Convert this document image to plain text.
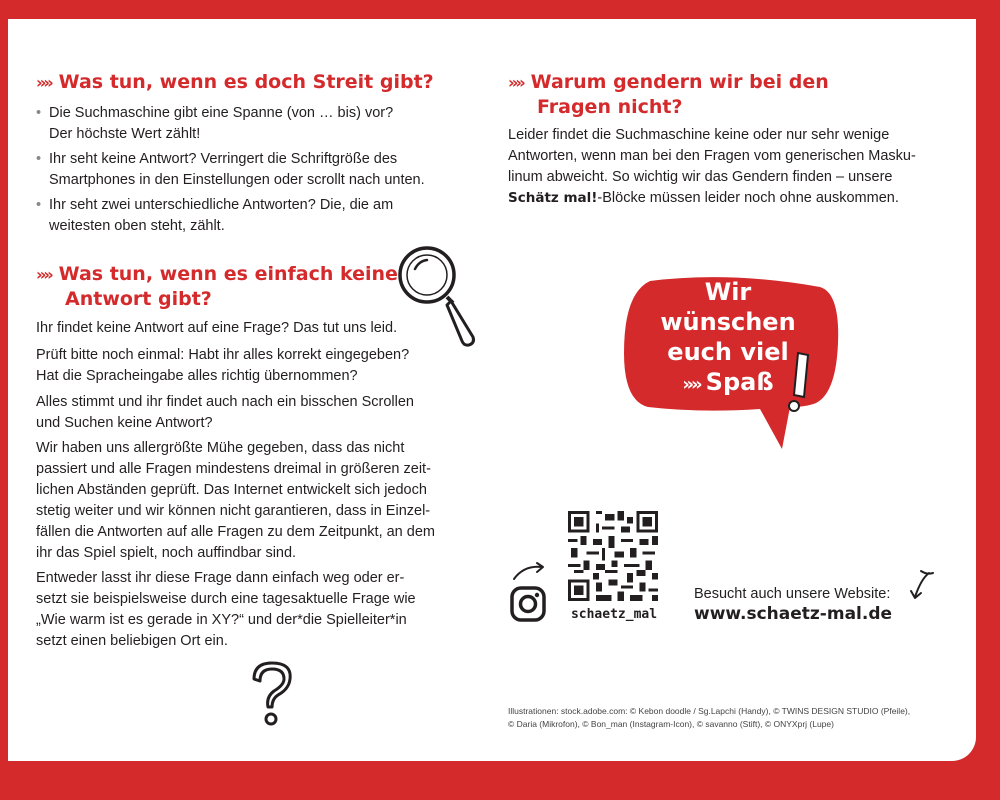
»» Was tun, wenn es doch Streit gibt?
• Die Suchmaschine gibt eine Spanne (von … bis) vor?
Der höchste Wert zählt!
• Ihr seht keine Antwort? Verringert die Schriftgröße des
Smartphones in den Einstellungen oder scrollt nach unten.
• Ihr seht zwei unterschiedliche Antworten? Die, die am
weitesten oben steht, zählt.
»» Was tun, wenn es einfach keine
Antwort gibt?

Ihr findet keine Antwort auf eine Frage? Das tut uns leid.

Prüft bitte noch einmal: Habt ihr alles korrekt eingegeben?
Hat die Spracheingabe alles richtig übernommen?

Alles stimmt und ihr findet auch nach ein bisschen Scrollen
und Suchen keine Antwort?

Wir haben uns allergrößte Mühe gegeben, dass das nicht
passiert und alle Fragen mindestens dreimal in größeren zeit-
lichen Abständen geprüft. Das Internet entwickelt sich jedoch
stetig weiter und wir können nicht garantieren, dass in Einzel-
fällen die Antworten auf alle Fragen zu dem Zeitpunkt, an dem
ihr das Spiel spielt, noch auffindbar sind.

Entweder lasst ihr diese Frage dann einfach weg oder er-
setzt sie beispielsweise durch eine tagesaktuelle Frage wie
„Wie warm ist es gerade in XY?“ und der*die Spielleiter*in
setzt einen beliebigen Ort ein.

»» Warum gendern wir bei den
Fragen nicht?

Leider findet die Suchmaschine keine oder nur sehr wenige
Antworten, wenn man bei den Fragen vom generischen Masku-
linum abweicht. So wichtig wir das Gendern finden – unsere
Schätz mal!-Blöcke müssen leider noch ohne auskommen.

Wir
wünschen
euch viel
»» Spaß
schaetz_mal
Besucht auch unsere Website:
www.schaetz-mal.de
Illustrationen: stock.adobe.com: © Kebon doodle / Sg.Lapchi (Handy), © TWINS DESIGN STUDIO (Pfeile),
© Daria (Mikrofon), © Bon_man (Instagram-Icon), © savanno (Stift), © ONYXprj (Lupe)
